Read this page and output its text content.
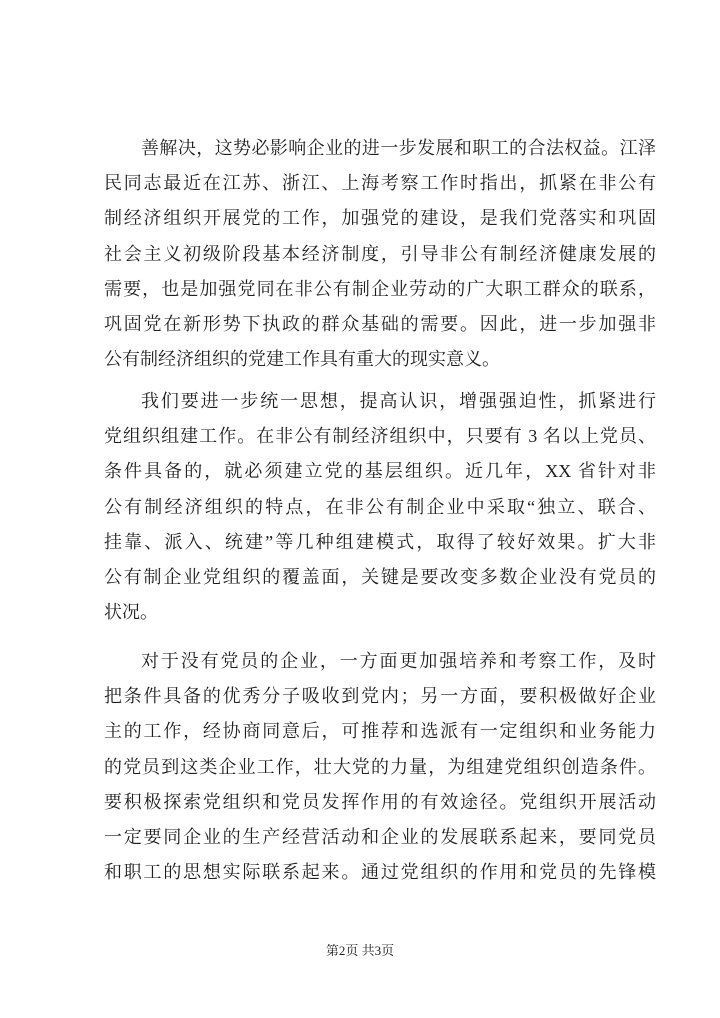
善解决，这势必影响企业的进一步发展和职工的合法权益。江泽
民同志最近在江苏、浙江、上海考察工作时指出，抓紧在非公有
制经济组织开展党的工作，加强党的建设，是我们党落实和巩固
社会主义初级阶段基本经济制度，引导非公有制经济健康发展的
需要，也是加强党同在非公有制企业劳动的广大职工群众的联系，
巩固党在新形势下执政的群众基础的需要。因此，进一步加强非
公有制经济组织的党建工作具有重大的现实意义。
我们要进一步统一思想，提高认识，增强强迫性，抓紧进行
党组织组建工作。在非公有制经济组织中，只要有 3 名以上党员、
条件具备的，就必须建立党的基层组织。近几年，XX 省针对非
公有制经济组织的特点，在非公有制企业中采取“独立、联合、
挂靠、派入、统建”等几种组建模式，取得了较好效果。扩大非
公有制企业党组织的覆盖面，关键是要改变多数企业没有党员的
状况。
对于没有党员的企业，一方面更加强培养和考察工作，及时
把条件具备的优秀分子吸收到党内；另一方面，要积极做好企业
主的工作，经协商同意后，可推荐和选派有一定组织和业务能力
的党员到这类企业工作，壮大党的力量，为组建党组织创造条件。
要积极探索党组织和党员发挥作用的有效途径。党组织开展活动
一定要同企业的生产经营活动和企业的发展联系起来，要同党员
和职工的思想实际联系起来。通过党组织的作用和党员的先锋模
第2页 共3页
